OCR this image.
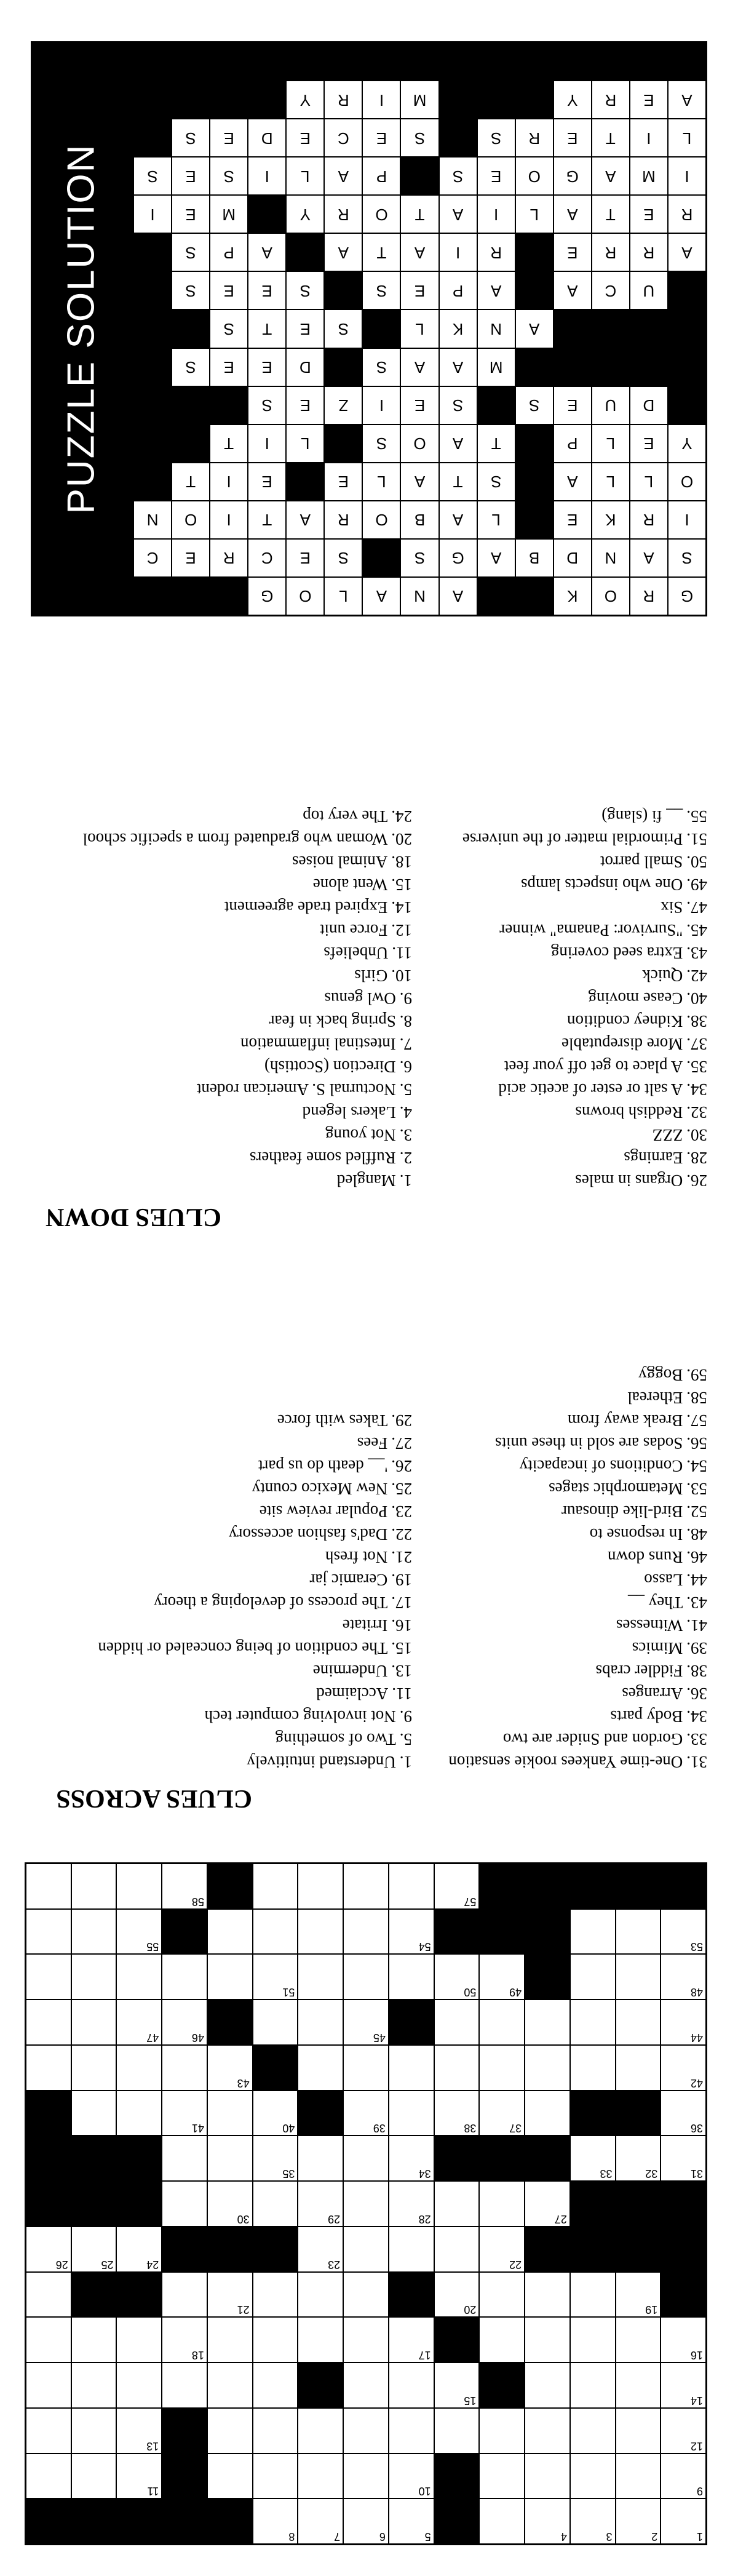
1
2
3
4
5
6
7
8
9
10
11
12
13
14
15
16
17
18
19
20
21
22
23
24
25
26
27
28
29
30
31
32
33
34
35
36
37
38
39
40
41
42
43
44
45
46
47
48
49
50
51
53
54
55
57
58
CLUES ACROSS
1.
Understand intuitively
5.
Two of something
9.
Not involving computer tech
11.
Acclaimed
13.
Undermine
15.
The condition of being concealed or hidden
16.
Irritate
17.
The process of developing a theory
19.
Ceramic jar
21.
Not fresh
22.
Dad's fashion accessory
23.
Popular review site
25.
New Mexico county
26.
'__ death do us part
27.
Fees
29.
Takes with force
31.
One-time Yankees rookie sensation
33.
Gordon and Snider are two
34.
Body parts
36.
Arranges
38.
Fiddler crabs
39.
Mimics
41.
Witnesses
43.
They __
44.
Lasso
46.
Runs down
48.
In response to
52.
Bird-like dinosaur
53.
Metamorphic stages
54.
Conditions of incapacity
56.
Sodas are sold in these units
57.
Break away from
58.
Ethereal
59.
Boggy
CLUES DOWN
1.
Mangled
2.
Ruffled some feathers
3.
Not young
4.
Lakers legend
5.
Nocturnal S. American rodent
6.
Direction (Scottish)
7.
Intestinal inflammation
8.
Spring back in fear
9.
Owl genus
10.
Girls
11.
Unbeliefs
12.
Force unit
14.
Expired trade agreement
15.
Went alone
18.
Animal noises
20.
Woman who graduated from a specific school
24.
The very top
26.
Organs in males
28.
Earnings
30.
ZZZ
32.
Reddish browns
34.
A salt or ester of acetic acid
35.
A place to get off your feet
37.
More disreputable
38.
Kidney condition
40.
Cease moving
42.
Quick
43.
Extra seed covering
45.
"Survivor: Panama" winner
47.
Six
49.
One who inspects lamps
50.
Small parrot
51.
Primordial matter of the universe
55.
__ fi (slang)
G
R
O
K
A
N
A
L
O
G
S
A
N
D
B
A
G
S
S
E
C
R
E
C
I
R
K
E
L
A
B
O
R
A
T
I
O
N
O
L
L
A
S
T
A
L
E
E
I
T
Y
E
L
P
T
A
O
S
L
I
T
D
U
E
S
S
E
I
Z
E
S
M
A
A
S
D
E
E
S
A
N
K
L
S
E
T
S
U
C
A
A
P
E
S
S
E
E
S
A
R
R
E
R
I
A
T
A
A
P
S
R
E
T
A
L
I
A
T
O
R
Y
M
E
I
I
M
A
G
O
E
S
P
A
L
I
S
E
S
L
I
T
E
R
S
S
E
C
E
D
E
S
A
E
R
Y
M
I
R
Y
PUZZLE SOLUTION
